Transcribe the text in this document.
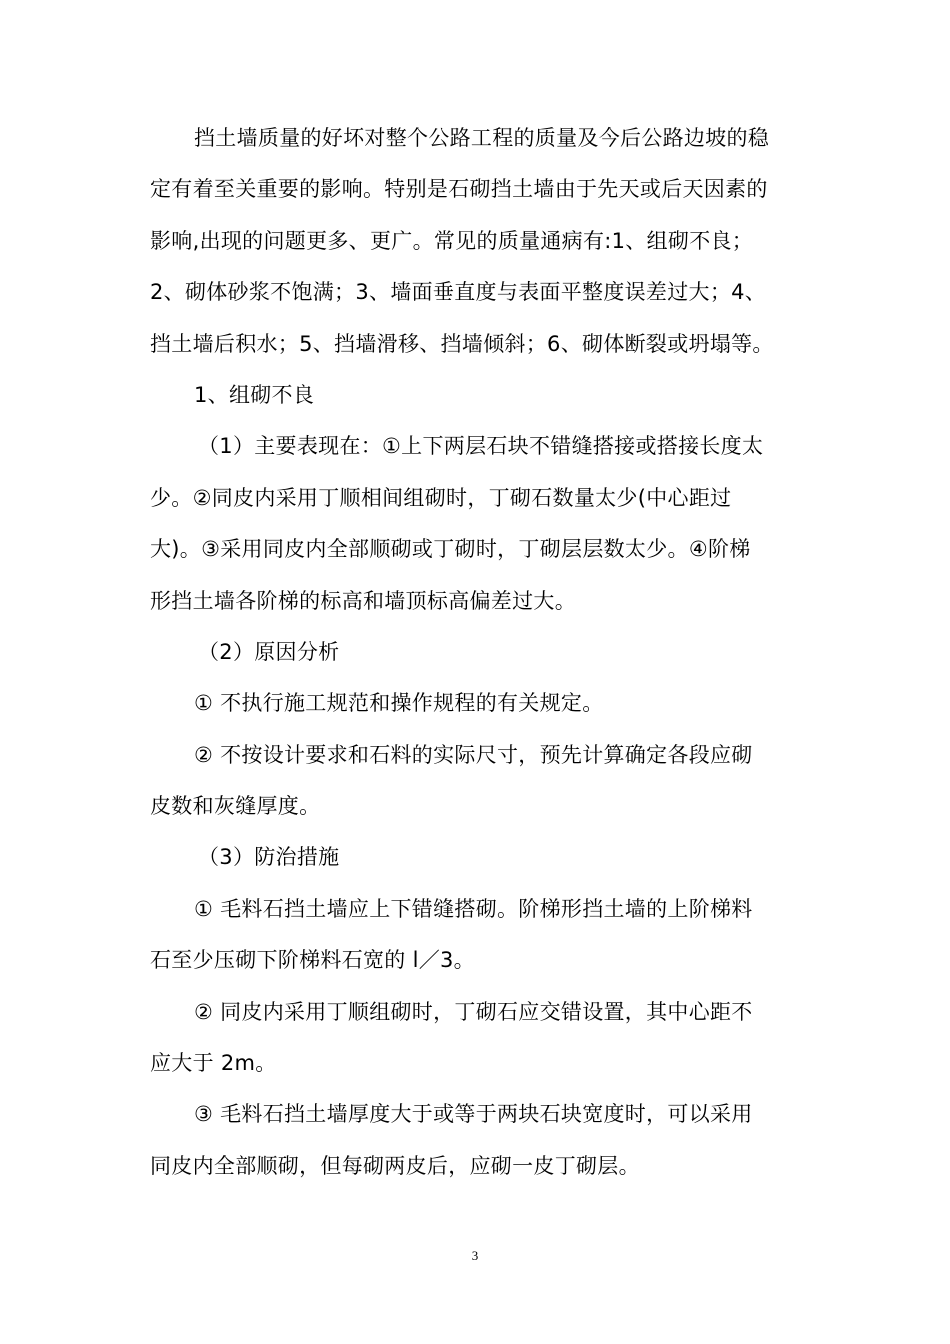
挡土墙质量的好坏对整个公路工程的质量及今后公路边坡的稳
定有着至关重要的影响。特别是石砌挡土墙由于先天或后天因素的
影响,出现的问题更多、更广。常见的质量通病有:1、组砌不良；
2、砌体砂浆不饱满；3、墙面垂直度与表面平整度误差过大；4、
挡土墙后积水；5、挡墙滑移、挡墙倾斜；6、砌体断裂或坍塌等。
1、组砌不良
（1）主要表现在：①上下两层石块不错缝搭接或搭接长度太
少。②同皮内采用丁顺相间组砌时，丁砌石数量太少(中心距过
大)。③采用同皮内全部顺砌或丁砌时，丁砌层层数太少。④阶梯
形挡土墙各阶梯的标高和墙顶标高偏差过大。
（2）原因分析
① 不执行施工规范和操作规程的有关规定。
② 不按设计要求和石料的实际尺寸，预先计算确定各段应砌
皮数和灰缝厚度。
（3）防治措施
① 毛料石挡土墙应上下错缝搭砌。阶梯形挡土墙的上阶梯料
石至少压砌下阶梯料石宽的 l／3。
② 同皮内采用丁顺组砌时，丁砌石应交错设置，其中心距不
应大于 2m。
③ 毛料石挡土墙厚度大于或等于两块石块宽度时，可以采用
同皮内全部顺砌，但每砌两皮后，应砌一皮丁砌层。
3
